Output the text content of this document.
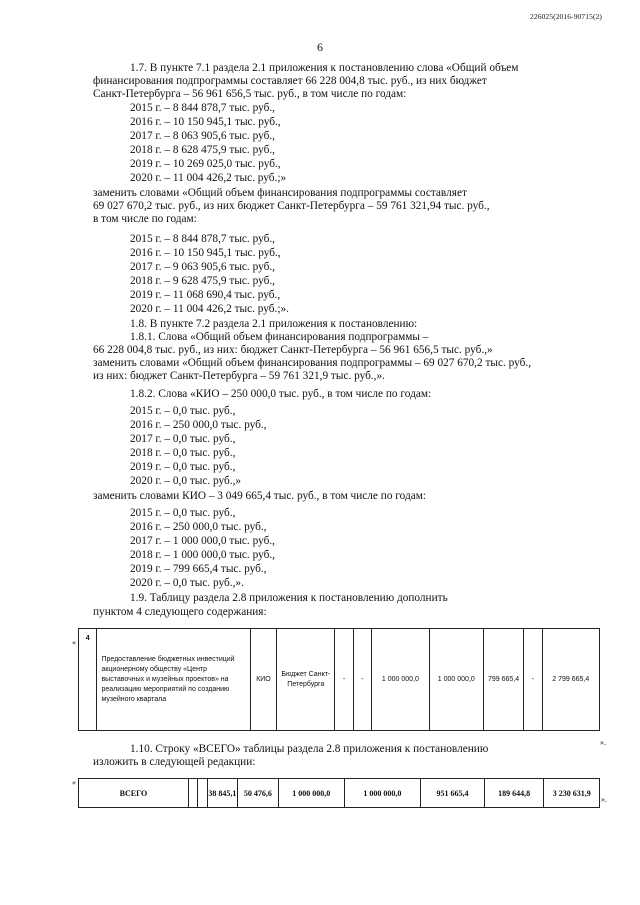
226025(2016-90715(2)
6
1.7. В пункте 7.1 раздела 2.1 приложения к постановлению слова «Общий объем
финансирования подпрограммы составляет 66 228 004,8 тыс. руб., из них бюджет
Санкт-Петербурга – 56 961 656,5 тыс. руб., в том числе по годам:
2015 г. – 8 844 878,7 тыс. руб.,
2016 г. – 10 150 945,1 тыс. руб.,
2017 г. – 8 063 905,6 тыс. руб.,
2018 г. – 8 628 475,9 тыс. руб.,
2019 г. – 10 269 025,0 тыс. руб.,
2020 г. – 11 004 426,2 тыс. руб.;»
заменить словами «Общий объем финансирования подпрограммы составляет
69 027 670,2 тыс. руб., из них бюджет Санкт-Петербурга – 59 761 321,94 тыс. руб.,
в том числе по годам:
2015 г. – 8 844 878,7 тыс. руб.,
2016 г. – 10 150 945,1 тыс. руб.,
2017 г. – 9 063 905,6 тыс. руб.,
2018 г. – 9 628 475,9 тыс. руб.,
2019 г. – 11 068 690,4 тыс. руб.,
2020 г. – 11 004 426,2 тыс. руб.;».
1.8. В пункте 7.2 раздела 2.1 приложения к постановлению:
1.8.1. Слова «Общий объем финансирования подпрограммы –
66 228 004,8 тыс. руб., из них: бюджет Санкт-Петербурга – 56 961 656,5 тыс. руб.,»
заменить словами «Общий объем финансирования подпрограммы – 69 027 670,2 тыс. руб.,
из них: бюджет Санкт-Петербурга – 59 761 321,9 тыс. руб.,».
1.8.2. Слова «КИО – 250 000,0 тыс. руб., в том числе по годам:
2015 г. – 0,0 тыс. руб.,
2016 г. – 250 000,0 тыс. руб.,
2017 г. – 0,0 тыс. руб.,
2018 г. – 0,0 тыс. руб.,
2019 г. – 0,0 тыс. руб.,
2020 г. – 0,0 тыс. руб.,»
заменить словами КИО – 3 049 665,4 тыс. руб., в том числе по годам:
2015 г. – 0,0 тыс. руб.,
2016 г. – 250 000,0 тыс. руб.,
2017 г. – 1 000 000,0 тыс. руб.,
2018 г. – 1 000 000,0 тыс. руб.,
2019 г. – 799 665,4 тыс. руб.,
2020 г. – 0,0 тыс. руб.,».
1.9. Таблицу раздела 2.8 приложения к постановлению дополнить
пунктом 4 следующего содержания:
« 4	Предоставление бюджетных инвестиций акционерному обществу «Центр выставочных и музейных проектов» на реализацию мероприятий по созданию музейного квартала	КИО	Бюджет Санкт-Петербурга	-	-	1 000 000,0	1 000 000,0	799 665,4	-	2 799 665,4
».
1.10. Строку «ВСЕГО» таблицы раздела 2.8 приложения к постановлению
изложить в следующей редакции:
«
ВСЕГО			38 845,1	50 476,6	1 000 000,0	1 000 000,0	951 665,4	189 644,8	3 230 631,9
».
